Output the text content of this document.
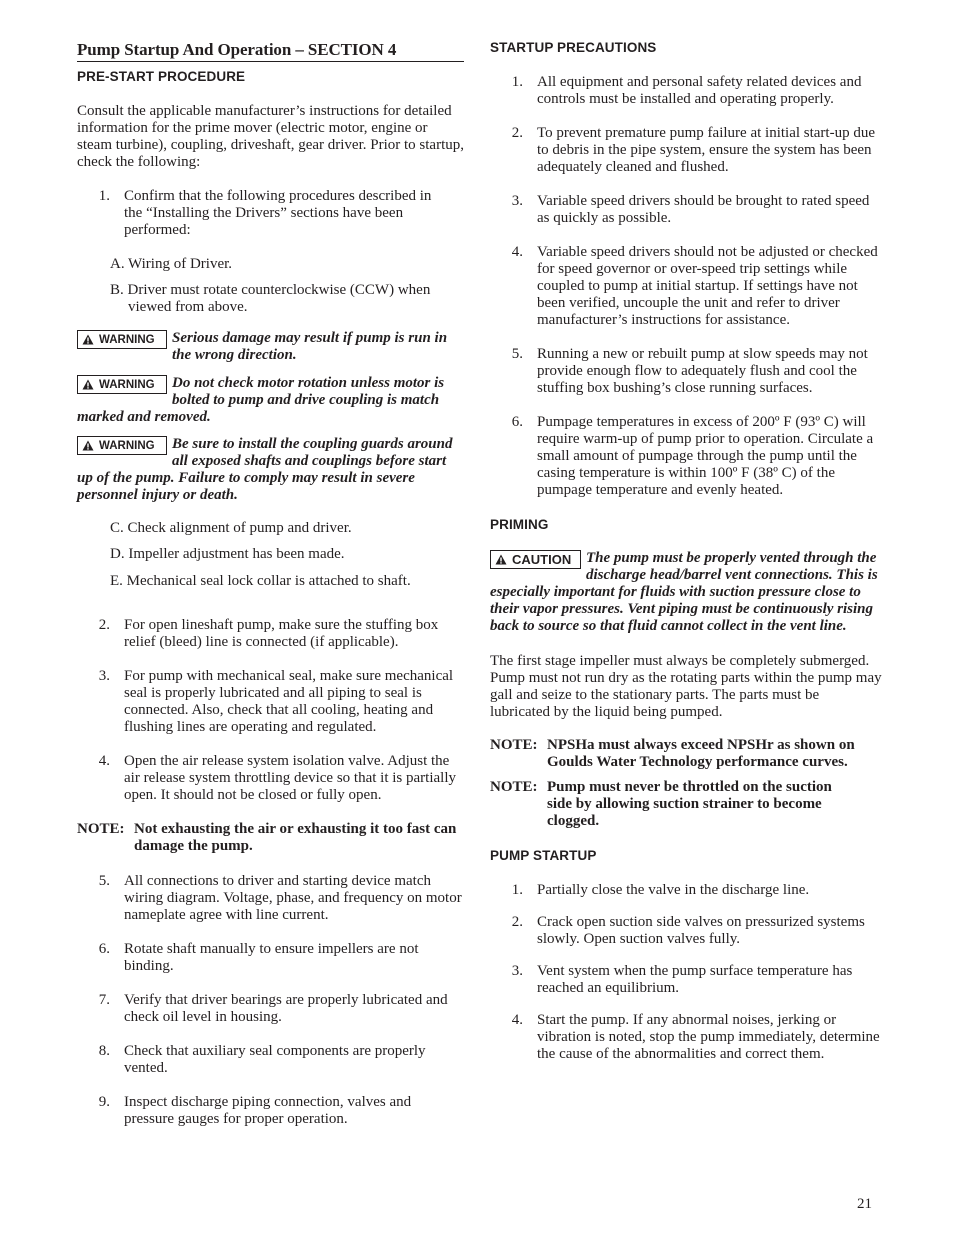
Pump Startup And Operation – SECTION 4
PRE-START PROCEDURE

Consult the applicable manufacturer’s instructions for detailed information for the prime mover (electric motor, engine or steam turbine), coupling, driveshaft, gear driver. Prior to startup, check the following:

1. Confirm that the following procedures described in the “Installing the Drivers” sections have been performed:
A. Wiring of Driver.
B. Driver must rotate counterclockwise (CCW) when viewed from above.
WARNING Serious damage may result if pump is run in the wrong direction.
WARNING Do not check motor rotation unless motor is bolted to pump and drive coupling is match marked and removed.
WARNING Be sure to install the coupling guards around all exposed shafts and couplings before start up of the pump. Failure to comply may result in severe personnel injury or death.
C. Check alignment of pump and driver.
D. Impeller adjustment has been made.
E. Mechanical seal lock collar is attached to shaft.
2. For open lineshaft pump, make sure the stuffing box relief (bleed) line is connected (if applicable).
3. For pump with mechanical seal, make sure mechanical seal is properly lubricated and all piping to seal is connected. Also, check that all cooling, heating and flushing lines are operating and regulated.
4. Open the air release system isolation valve. Adjust the air release system throttling device so that it is partially open. It should not be closed or fully open.
NOTE: Not exhausting the air or exhausting it too fast can damage the pump.
5. All connections to driver and starting device match wiring diagram. Voltage, phase, and frequency on motor nameplate agree with line current.
6. Rotate shaft manually to ensure impellers are not binding.
7. Verify that driver bearings are properly lubricated and check oil level in housing.
8. Check that auxiliary seal components are properly vented.
9. Inspect discharge piping connection, valves and pressure gauges for proper operation.
STARTUP PRECAUTIONS
1. All equipment and personal safety related devices and controls must be installed and operating properly.
2. To prevent premature pump failure at initial start-up due to debris in the pipe system, ensure the system has been adequately cleaned and flushed.
3. Variable speed drivers should be brought to rated speed as quickly as possible.
4. Variable speed drivers should not be adjusted or checked for speed governor or over-speed trip settings while coupled to pump at initial startup. If settings have not been verified, uncouple the unit and refer to driver manufacturer’s instructions for assistance.
5. Running a new or rebuilt pump at slow speeds may not provide enough flow to adequately flush and cool the stuffing box bushing’s close running surfaces.
6. Pumpage temperatures in excess of 200º F (93º C) will require warm-up of pump prior to operation. Circulate a small amount of pumpage through the pump until the casing temperature is within 100º F (38º C) of the pumpage temperature and evenly heated.
PRIMING
CAUTION The pump must be properly vented through the discharge head/barrel vent connections. This is especially important for fluids with suction pressure close to their vapor pressures. Vent piping must be continuously rising back to source so that fluid cannot collect in the vent line.

The first stage impeller must always be completely submerged. Pump must not run dry as the rotating parts within the pump may gall and seize to the stationary parts. The parts must be lubricated by the liquid being pumped.

NOTE: NPSHa must always exceed NPSHr as shown on Goulds Water Technology performance curves.
NOTE: Pump must never be throttled on the suction side by allowing suction strainer to become clogged.
PUMP STARTUP
1. Partially close the valve in the discharge line.
2. Crack open suction side valves on pressurized systems slowly. Open suction valves fully.
3. Vent system when the pump surface temperature has reached an equilibrium.
4. Start the pump. If any abnormal noises, jerking or vibration is noted, stop the pump immediately, determine the cause of the abnormalities and correct them.
21
